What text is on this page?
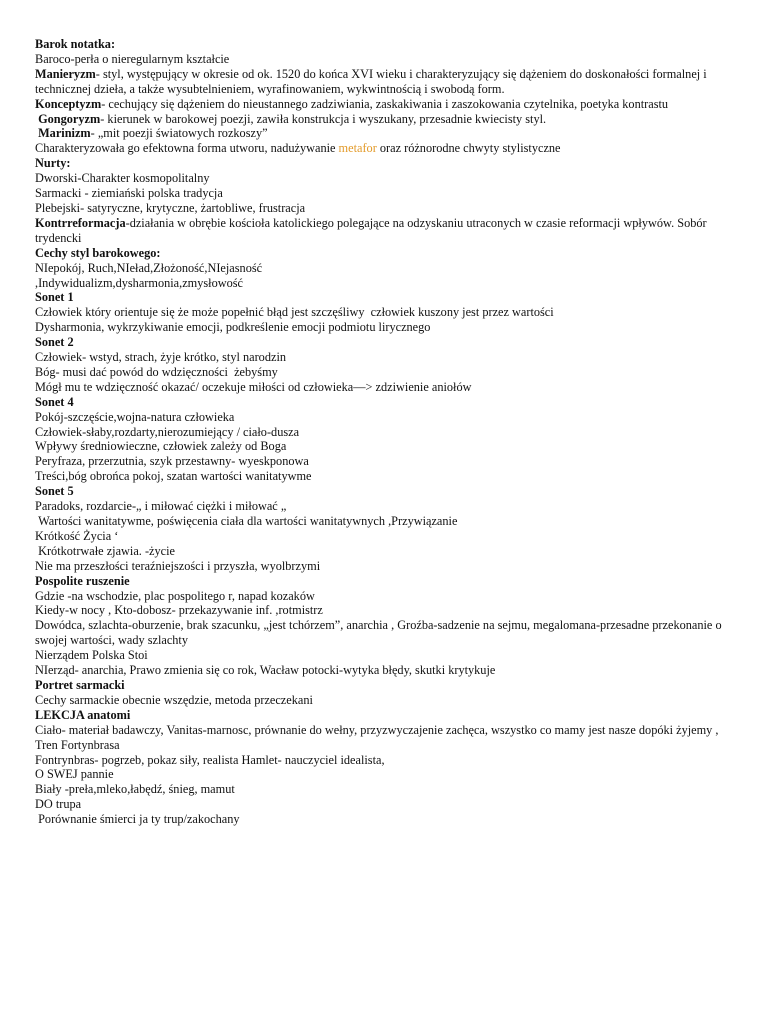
Barok notatka:
Baroco-perła o nieregularnym kształcie
Manieryzm- styl, występujący w okresie od ok. 1520 do końca XVI wieku i charakteryzujący się dążeniem do doskonałości formalnej i technicznej dzieła, a także wysubtelnieniem, wyrafinowaniem, wykwintnością i swobodą form.
Konceptyzm- cechujący się dążeniem do nieustannego zadziwiania, zaskakiwania i zaszokowania czytelnika, poetyka kontrastu
Gongoryzm- kierunek w barokowej poezji, zawiła konstrukcja i wyszukany, przesadnie kwiecisty styl.
Marinizm- „mit poezji światowych rozkoszy”
Charakteryzowała go efektowna forma utworu, nadużywanie metafor oraz różnorodne chwyty stylistyczne
Nurty:
Dworski-Charakter kosmopolitalny
Sarmacki - ziemiański polska tradycja
Plebejski- satyryczne, krytyczne, żartobliwe, frustracja
Kontrreformacja-działania w obrębie kościoła katolickiego polegające na odzyskaniu utraconych w czasie reformacji wpływów. Sobór trydencki
Cechy styl barokowego:
NIepokój, Ruch,NIeład,Złożoność,NIejasność
,Indywidualizm,dysharmonia,zmysłowość
Sonet 1
Człowiek który orientuje się że może popełnić błąd jest szczęśliwy  człowiek kuszony jest przez wartości
Dysharmonia, wykrzykiwanie emocji, podkreślenie emocji podmiotu lirycznego
Sonet 2
Człowiek- wstyd, strach, żyje krótko, styl narodzin
Bóg- musi dać powód do wdzięczności  żebyśmy
Mógł mu te wdzięczność okazać/ oczekuje miłości od człowieka—> zdziwienie aniołów
Sonet 4
Pokój-szczęście,wojna-natura człowieka
Człowiek-słaby,rozdarty,nierozumiejący / ciało-dusza
Wpływy średniowieczne, człowiek zależy od Boga
Peryfraza, przerzutnia, szyk przestawny- wyeskponowa
Treści,bóg obrońca pokoj, szatan wartości wanitatywme
Sonet 5
Paradoks, rozdarcie-„ i miłować ciężki i miłować „
Wartości wanitatywme, poświęcenia ciała dla wartości wanitatywnych ,Przywiązanie
Krótkość Życia ‘
Krótkotrwałe zjawia. -życie
Nie ma przeszłości teraźniejszości i przyszła, wyolbrzymi
Pospolite ruszenie
Gdzie -na wschodzie, plac pospolitego r, napad kozaków
Kiedy-w nocy , Kto-dobosz- przekazywanie inf. ,rotmistrz
Dowódca, szlachta-oburzenie, brak szacunku, „jest tchórzem”, anarchia , Groźba-sadzenie na sejmu, megalomana-przesadne przekonanie o swojej wartości, wady szlachty
Nierządem Polska Stoi
NIerząd- anarchia, Prawo zmienia się co rok, Wacław potocki-wytyka błędy, skutki krytykuje
Portret sarmacki
Cechy sarmackie obecnie wszędzie, metoda przeczekani
LEKCJA anatomi
Ciało- materiał badawczy, Vanitas-marnosc, prównanie do wełny, przyzwyczajenie zachęca, wszystko co mamy jest nasze dopóki żyjemy ,
Tren Fortynbrasa
Fontrynbras- pogrzeb, pokaz siły, realista Hamlet- nauczyciel idealista,
O SWEJ pannie
Biały -preła,mleko,łabędź, śnieg, mamut
DO trupa
Porównanie śmierci ja ty trup/zakochany
